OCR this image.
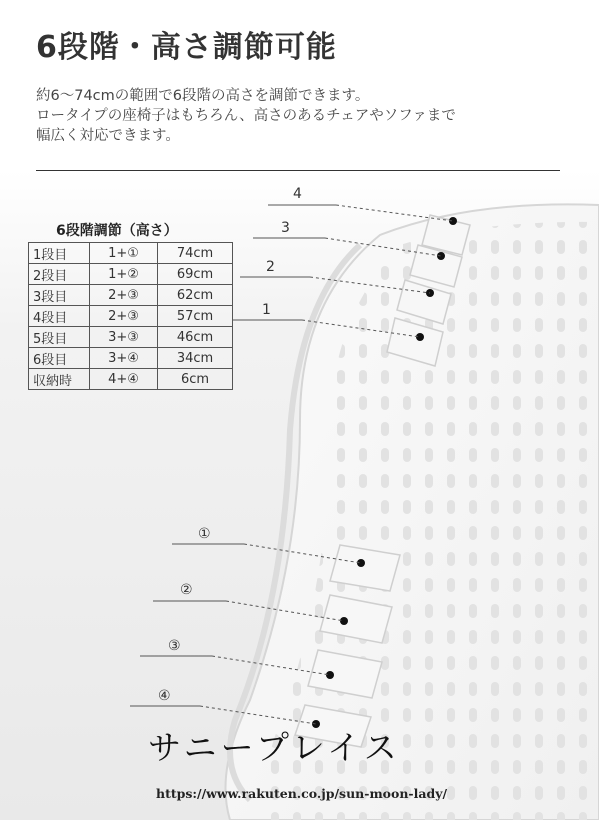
4
3
2
1
①
②
③
④
6段階・高さ調節可能
約6〜74cmの範囲で6段階の高さを調節できます。
ロータイプの座椅子はもちろん、高さのあるチェアやソファまで
幅広く対応できます。
6段階調節（高さ）
1段目	1+①	74cm
2段目	1+②	69cm
3段目	2+③	62cm
4段目	2+③	57cm
5段目	3+③	46cm
6段目	3+④	34cm
収納時	4+④	6cm
サニープレイス
https://www.rakuten.co.jp/sun-moon-lady/
